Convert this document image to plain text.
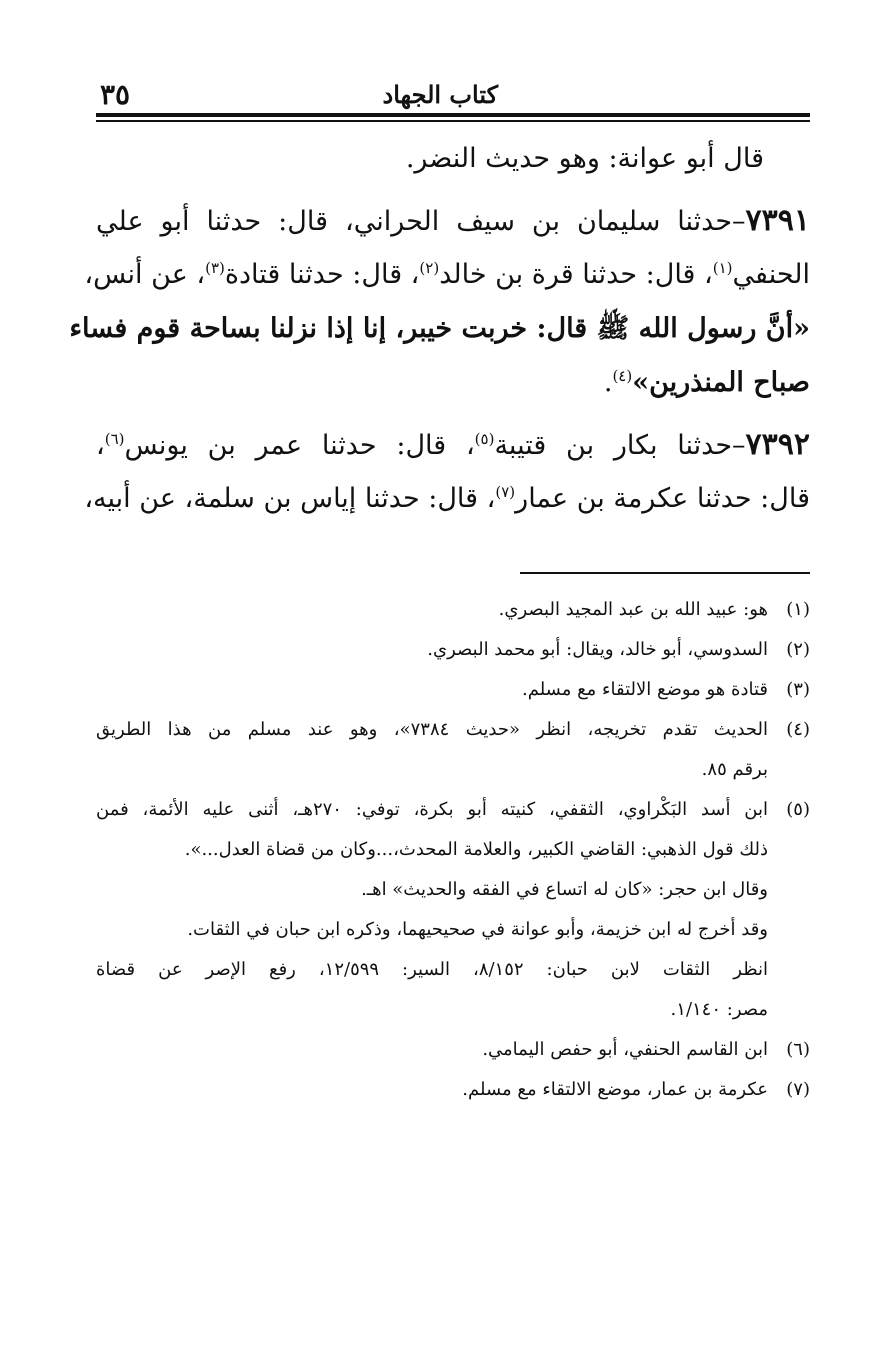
كتاب الجهاد
٣٥
قال أبو عوانة: وهو حديث النضر.
٧٣٩١–حدثنا سليمان بن سيف الحراني، قال: حدثنا أبو علي
الحنفي$^{(١)}$، قال: حدثنا قرة بن خالد$^{(٢)}$، قال: حدثنا قتادة$^{(٣)}$، عن أنس،
«أنَّ رسول الله ﷺ قال: خربت خيبر، إنا إذا نزلنا بساحة قوم فساء
صباح المنذرين»$^{(٤)}$.
٧٣٩٢–حدثنا بكار بن قتيبة$^{(٥)}$، قال: حدثنا عمر بن يونس$^{(٦)}$،
قال: حدثنا عكرمة بن عمار$^{(٧)}$، قال: حدثنا إياس بن سلمة، عن أبيه،
(١)
هو: عبيد الله بن عبد المجيد البصري.
(٢)
السدوسي، أبو خالد، ويقال: أبو محمد البصري.
(٣)
قتادة هو موضع الالتقاء مع مسلم.
(٤)
الحديث تقدم تخريجه، انظر «حديث ٧٣٨٤»، وهو عند مسلم من هذا الطريق
برقم ٨٥.
(٥)
ابن أسد البَكْراوي، الثقفي، كنيته أبو بكرة، توفي: ٢٧٠هـ، أثنى عليه الأئمة، فمن
ذلك قول الذهبي: القاضي الكبير، والعلامة المحدث،...وكان من قضاة العدل...».
وقال ابن حجر: «كان له اتساع في الفقه والحديث» اهـ.
وقد أخرج له ابن خزيمة، وأبو عوانة في صحيحيهما، وذكره ابن حبان في الثقات.
انظر الثقات لابن حبان: ٨/١٥٢، السير: ١٢/٥٩٩، رفع الإصر عن قضاة
مصر: ١/١٤٠.
(٦)
ابن القاسم الحنفي، أبو حفص اليمامي.
(٧)
عكرمة بن عمار، موضع الالتقاء مع مسلم.
